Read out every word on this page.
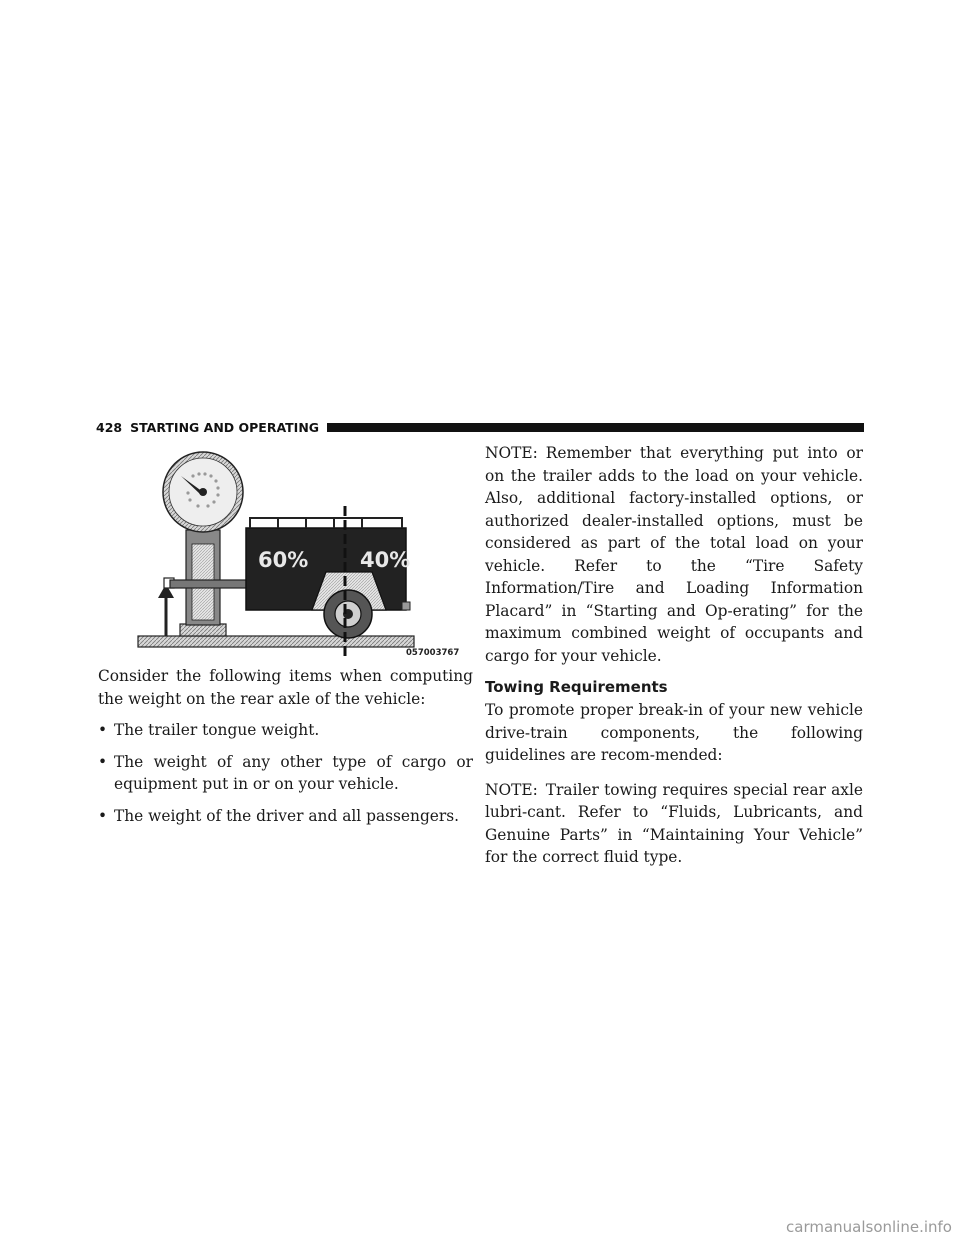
428 STARTING AND OPERATING
60% 40%
057003767

Consider the following items when computing the weight on the rear axle of the vehicle:

• The trailer tongue weight.
• The weight of any other type of cargo or equipment put in or on your vehicle.
• The weight of the driver and all passengers.

NOTE: Remember that everything put into or on the trailer adds to the load on your vehicle. Also, additional factory-installed options, or authorized dealer-installed options, must be considered as part of the total load on your vehicle. Refer to the “Tire Safety Information/Tire and Loading Information Placard” in “Starting and Op-erating” for the maximum combined weight of occupants and cargo for your vehicle.

Towing Requirements

To promote proper break-in of your new vehicle drive-train components, the following guidelines are recom-mended:

NOTE: Trailer towing requires special rear axle lubri-cant. Refer to “Fluids, Lubricants, and Genuine Parts” in “Maintaining Your Vehicle” for the correct fluid type.

carmanualsonline.info
